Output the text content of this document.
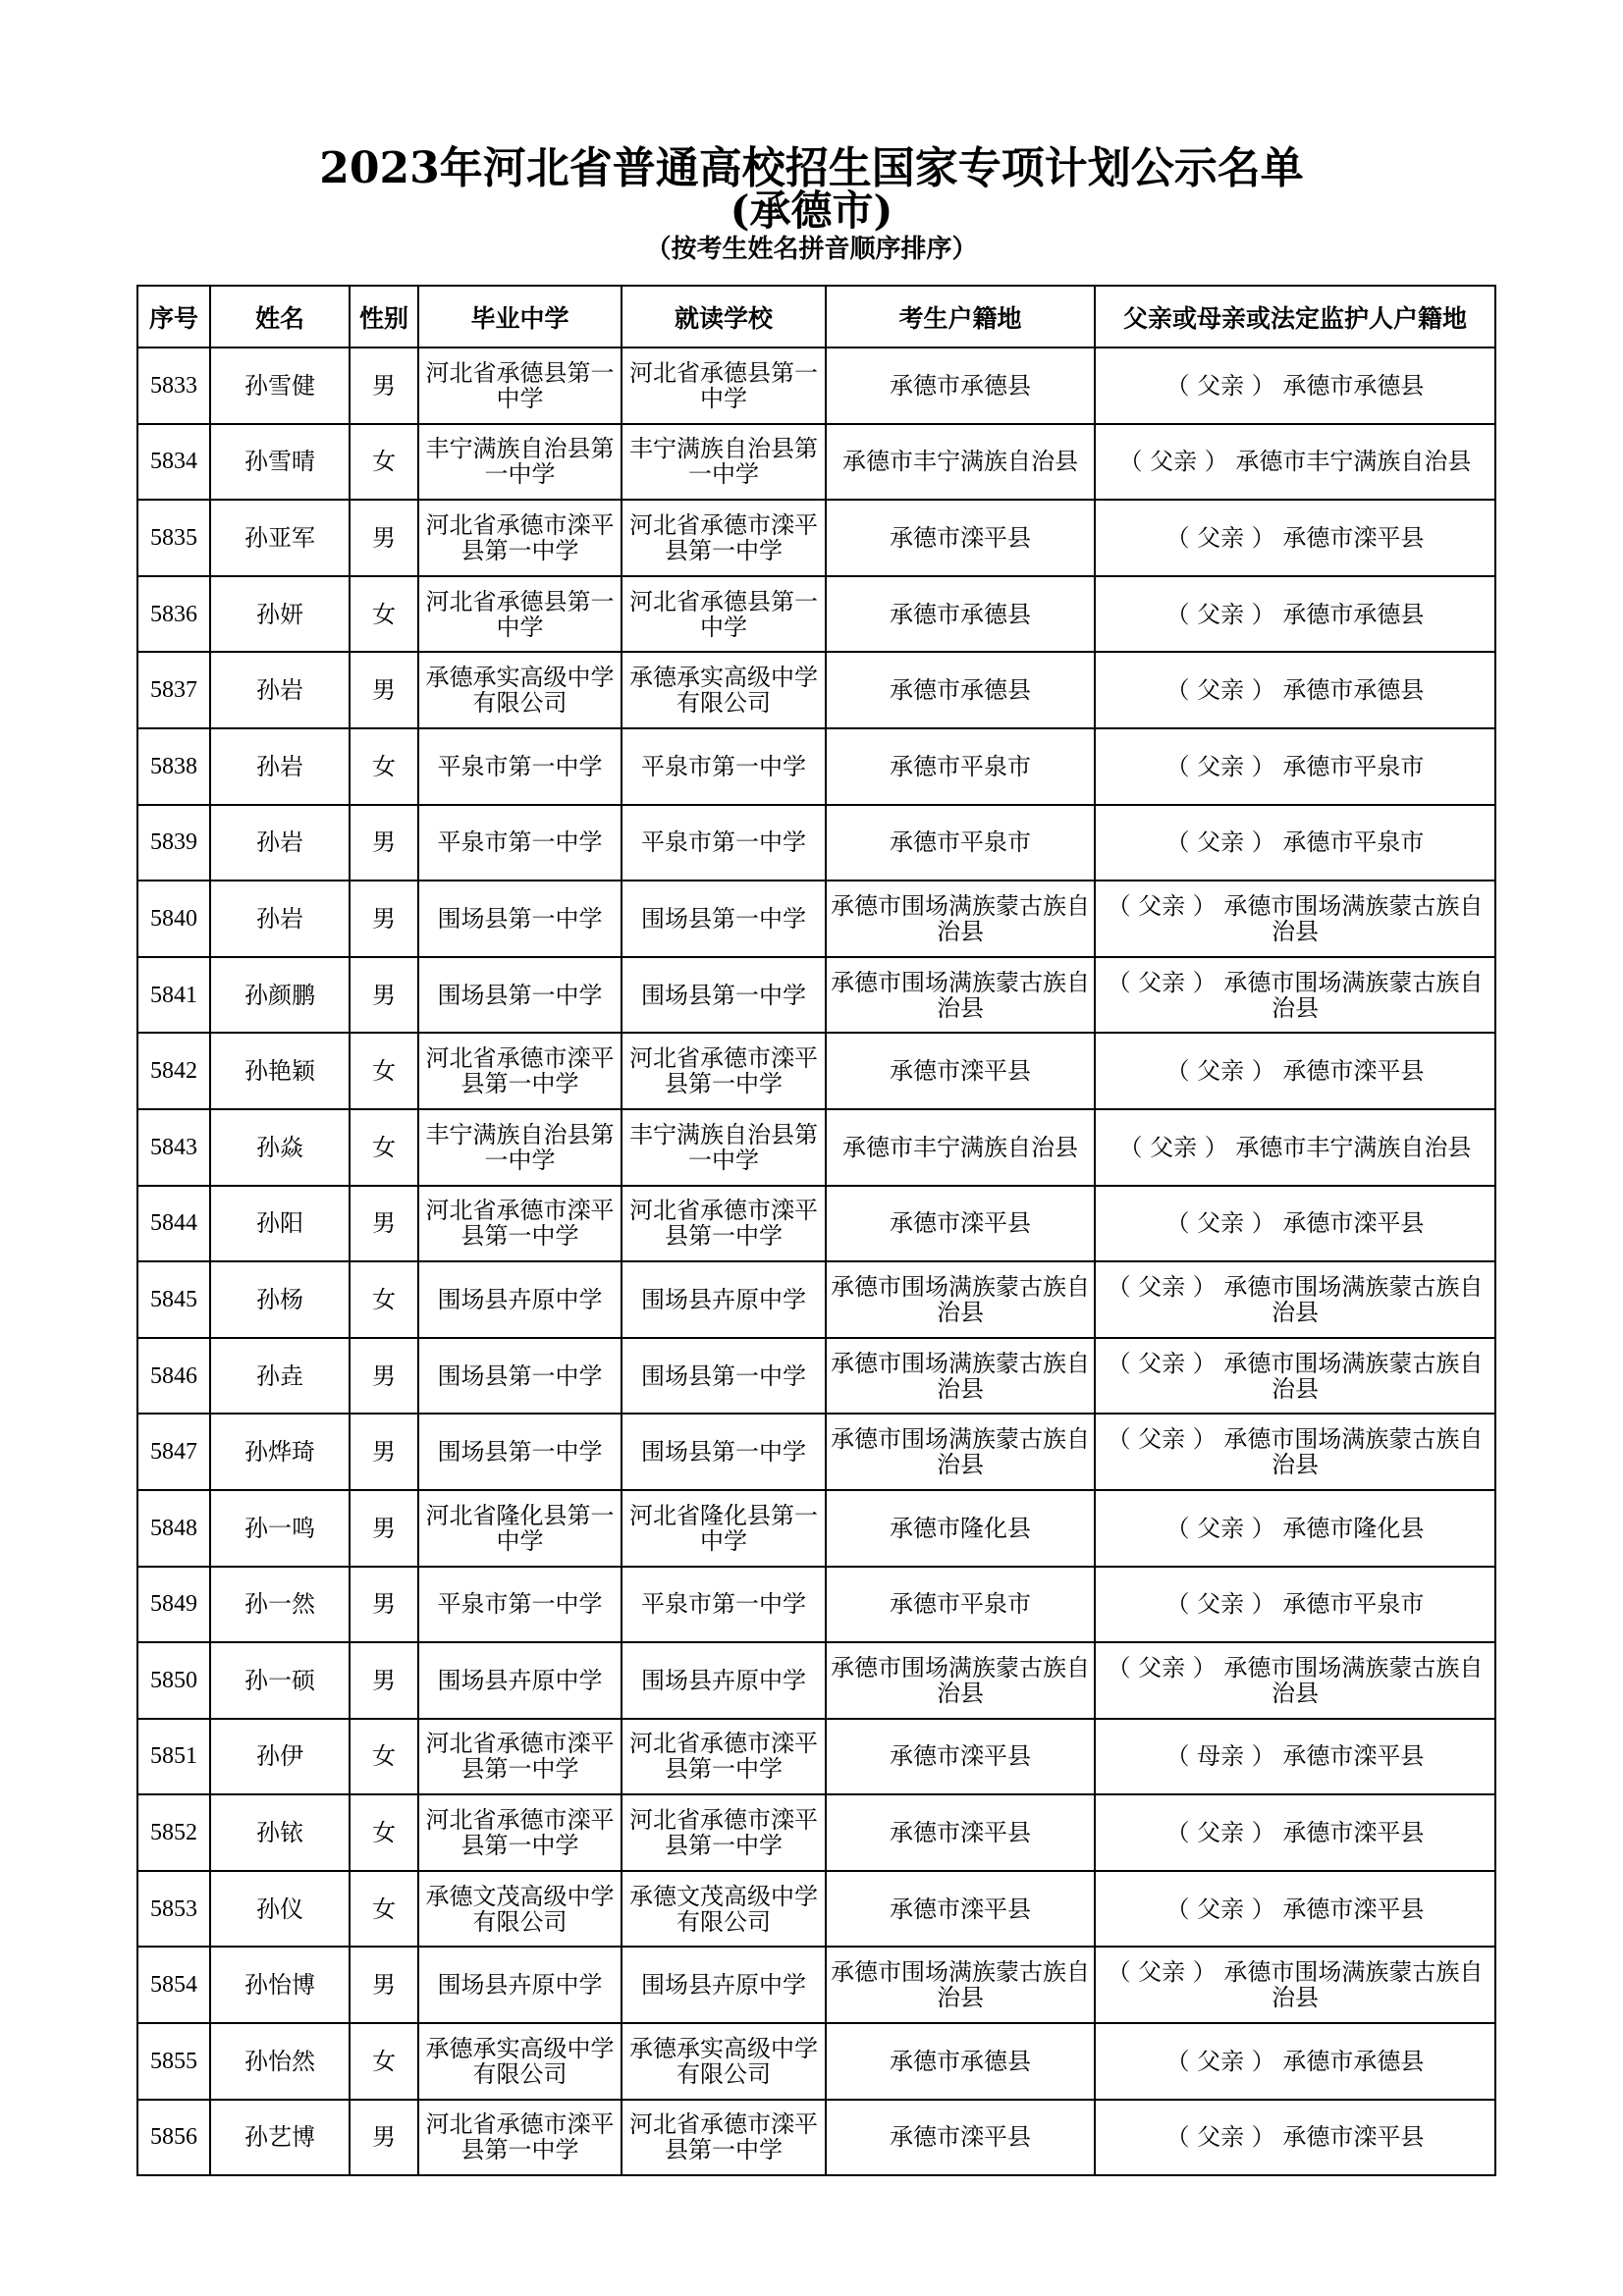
2023年河北省普通高校招生国家专项计划公示名单
(承德市)
（按考生姓名拼音顺序排序）
序号	姓名	性别	毕业中学	就读学校	考生户籍地	父亲或母亲或法定监护人户籍地
5833	孙雪健	男	河北省承德县第一中学	河北省承德县第一中学	承德市承德县	（ 父亲 ） 承德市承德县
5834	孙雪晴	女	丰宁满族自治县第一中学	丰宁满族自治县第一中学	承德市丰宁满族自治县	（ 父亲 ） 承德市丰宁满族自治县
5835	孙亚军	男	河北省承德市滦平县第一中学	河北省承德市滦平县第一中学	承德市滦平县	（ 父亲 ） 承德市滦平县
5836	孙妍	女	河北省承德县第一中学	河北省承德县第一中学	承德市承德县	（ 父亲 ） 承德市承德县
5837	孙岩	男	承德承实高级中学有限公司	承德承实高级中学有限公司	承德市承德县	（ 父亲 ） 承德市承德县
5838	孙岩	女	平泉市第一中学	平泉市第一中学	承德市平泉市	（ 父亲 ） 承德市平泉市
5839	孙岩	男	平泉市第一中学	平泉市第一中学	承德市平泉市	（ 父亲 ） 承德市平泉市
5840	孙岩	男	围场县第一中学	围场县第一中学	承德市围场满族蒙古族自治县	（ 父亲 ） 承德市围场满族蒙古族自治县
5841	孙颜鹏	男	围场县第一中学	围场县第一中学	承德市围场满族蒙古族自治县	（ 父亲 ） 承德市围场满族蒙古族自治县
5842	孙艳颖	女	河北省承德市滦平县第一中学	河北省承德市滦平县第一中学	承德市滦平县	（ 父亲 ） 承德市滦平县
5843	孙焱	女	丰宁满族自治县第一中学	丰宁满族自治县第一中学	承德市丰宁满族自治县	（ 父亲 ） 承德市丰宁满族自治县
5844	孙阳	男	河北省承德市滦平县第一中学	河北省承德市滦平县第一中学	承德市滦平县	（ 父亲 ） 承德市滦平县
5845	孙杨	女	围场县卉原中学	围场县卉原中学	承德市围场满族蒙古族自治县	（ 父亲 ） 承德市围场满族蒙古族自治县
5846	孙垚	男	围场县第一中学	围场县第一中学	承德市围场满族蒙古族自治县	（ 父亲 ） 承德市围场满族蒙古族自治县
5847	孙烨琦	男	围场县第一中学	围场县第一中学	承德市围场满族蒙古族自治县	（ 父亲 ） 承德市围场满族蒙古族自治县
5848	孙一鸣	男	河北省隆化县第一中学	河北省隆化县第一中学	承德市隆化县	（ 父亲 ） 承德市隆化县
5849	孙一然	男	平泉市第一中学	平泉市第一中学	承德市平泉市	（ 父亲 ） 承德市平泉市
5850	孙一硕	男	围场县卉原中学	围场县卉原中学	承德市围场满族蒙古族自治县	（ 父亲 ） 承德市围场满族蒙古族自治县
5851	孙伊	女	河北省承德市滦平县第一中学	河北省承德市滦平县第一中学	承德市滦平县	（ 母亲 ） 承德市滦平县
5852	孙铱	女	河北省承德市滦平县第一中学	河北省承德市滦平县第一中学	承德市滦平县	（ 父亲 ） 承德市滦平县
5853	孙仪	女	承德文茂高级中学有限公司	承德文茂高级中学有限公司	承德市滦平县	（ 父亲 ） 承德市滦平县
5854	孙怡博	男	围场县卉原中学	围场县卉原中学	承德市围场满族蒙古族自治县	（ 父亲 ） 承德市围场满族蒙古族自治县
5855	孙怡然	女	承德承实高级中学有限公司	承德承实高级中学有限公司	承德市承德县	（ 父亲 ） 承德市承德县
5856	孙艺博	男	河北省承德市滦平县第一中学	河北省承德市滦平县第一中学	承德市滦平县	（ 父亲 ） 承德市滦平县
